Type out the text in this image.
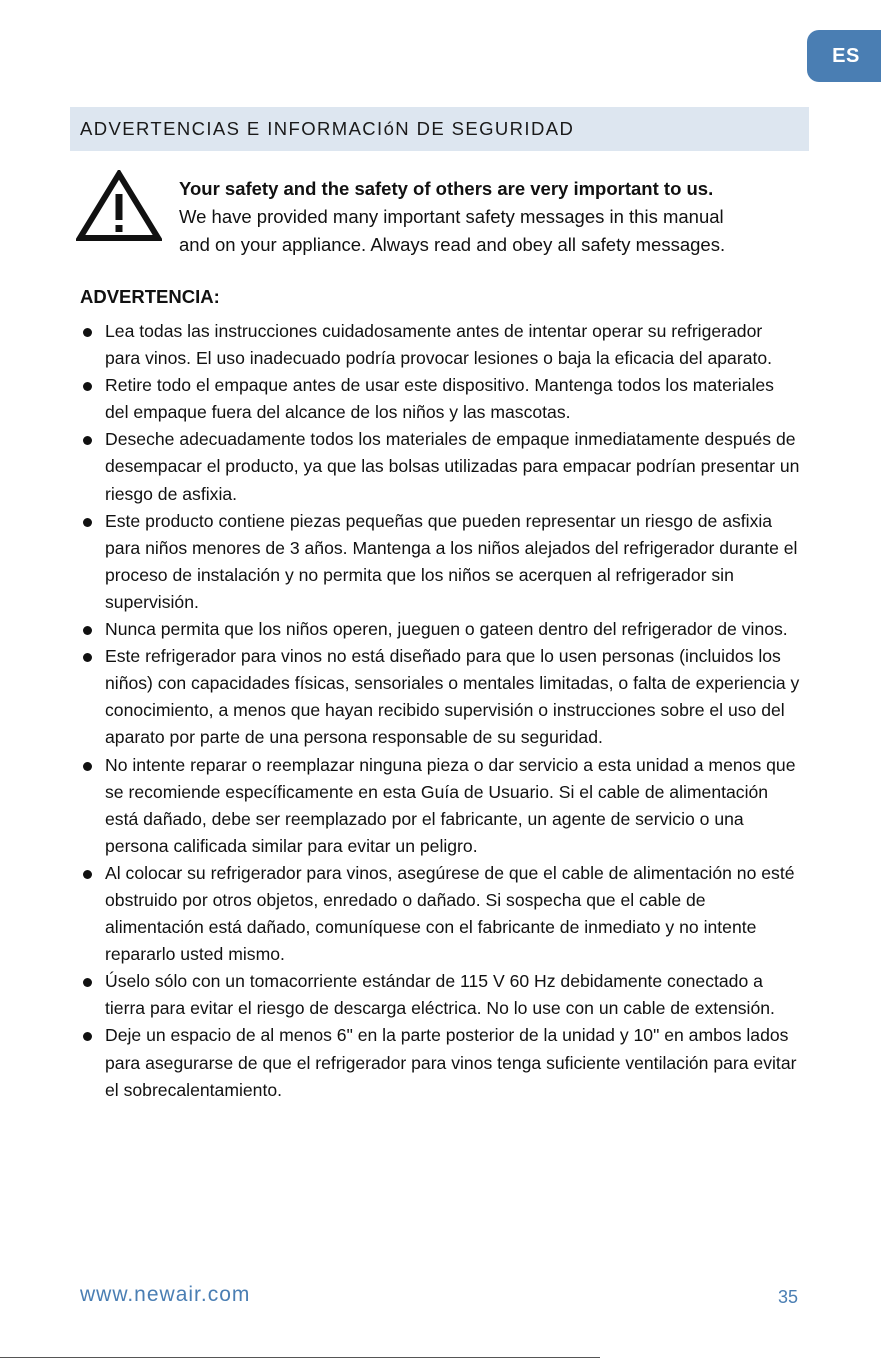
ES
ADVERTENCIAS E INFORMACIóN DE SEGURIDAD
Your safety and the safety of others are very important to us.
We have provided many important safety messages in this manual
and on your appliance. Always read and obey all safety messages.
ADVERTENCIA:
Lea todas las instrucciones cuidadosamente antes de intentar operar su refrigerador para vinos. El uso inadecuado podría provocar lesiones o baja la eficacia del aparato.
Retire todo el empaque antes de usar este dispositivo. Mantenga todos los materiales del empaque fuera del alcance de los niños y las mascotas.
Deseche adecuadamente todos los materiales de empaque inmediatamente después de desempacar el producto, ya que las bolsas utilizadas para empacar podrían presentar un riesgo de asfixia.
Este producto contiene piezas pequeñas que pueden representar un riesgo de asfixia para niños menores de 3 años. Mantenga a los niños alejados del refrigerador durante el proceso de instalación y no permita que los niños se acerquen al refrigerador sin supervisión.
Nunca permita que los niños operen, jueguen o gateen dentro del refrigerador de vinos.
Este refrigerador para vinos no está diseñado para que lo usen personas (incluidos los niños) con capacidades físicas, sensoriales o mentales limitadas, o falta de experiencia y conocimiento, a menos que hayan recibido supervisión o instrucciones sobre el uso del aparato por parte de una persona responsable de su seguridad.
No intente reparar o reemplazar ninguna pieza o dar servicio a esta unidad a menos que se recomiende específicamente en esta Guía de Usuario. Si el cable de alimentación está dañado, debe ser reemplazado por el fabricante, un agente de servicio o una persona calificada similar para evitar un peligro.
Al colocar su refrigerador para vinos, asegúrese de que el cable de alimentación no esté obstruido por otros objetos, enredado o dañado. Si sospecha que el cable de alimentación está dañado, comuníquese con el fabricante de inmediato y no intente repararlo usted mismo.
Úselo sólo con un tomacorriente estándar de 115 V 60 Hz debidamente conectado a tierra para evitar el riesgo de descarga eléctrica. No lo use con un cable de extensión.
Deje un espacio de al menos 6" en la parte posterior de la unidad y 10" en ambos lados para asegurarse de que el refrigerador para vinos tenga suficiente ventilación para evitar el sobrecalentamiento.
www.newair.com	35
